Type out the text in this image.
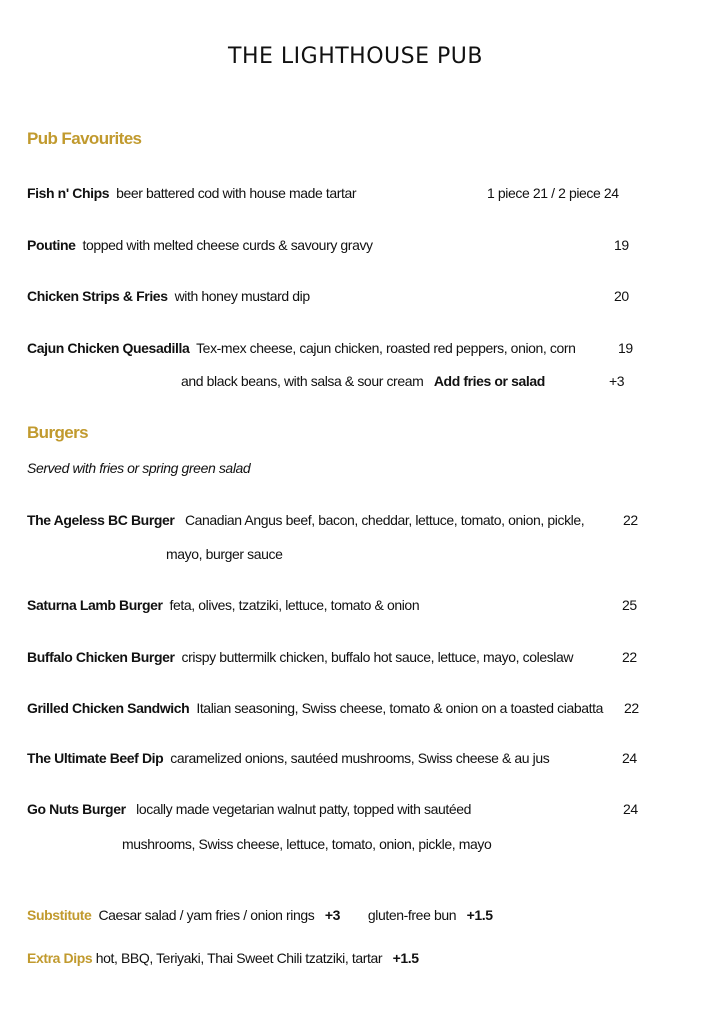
THE LIGHTHOUSE PUB
Pub Favourites
Fish n' Chips beer battered cod with house made tartar	1 piece 21 / 2 piece 24
Poutine topped with melted cheese curds & savoury gravy	19
Chicken Strips & Fries with honey mustard dip	20
Cajun Chicken Quesadilla Tex-mex cheese, cajun chicken, roasted red peppers, onion, corn	19
and black beans, with salsa & sour cream Add fries or salad	+3
Burgers
Served with fries or spring green salad
The Ageless BC Burger Canadian Angus beef, bacon, cheddar, lettuce, tomato, onion, pickle,	22
mayo, burger sauce
Saturna Lamb Burger feta, olives, tzatziki, lettuce, tomato & onion	25
Buffalo Chicken Burger crispy buttermilk chicken, buffalo hot sauce, lettuce, mayo, coleslaw	22
Grilled Chicken Sandwich Italian seasoning, Swiss cheese, tomato & onion on a toasted ciabatta	22
The Ultimate Beef Dip caramelized onions, sautéed mushrooms, Swiss cheese & au jus	24
Go Nuts Burger locally made vegetarian walnut patty, topped with sautéed	24
mushrooms, Swiss cheese, lettuce, tomato, onion, pickle, mayo
Substitute Caesar salad / yam fries / onion rings +3 gluten-free bun +1.5
Extra Dips hot, BBQ, Teriyaki, Thai Sweet Chili tzatziki, tartar +1.5
